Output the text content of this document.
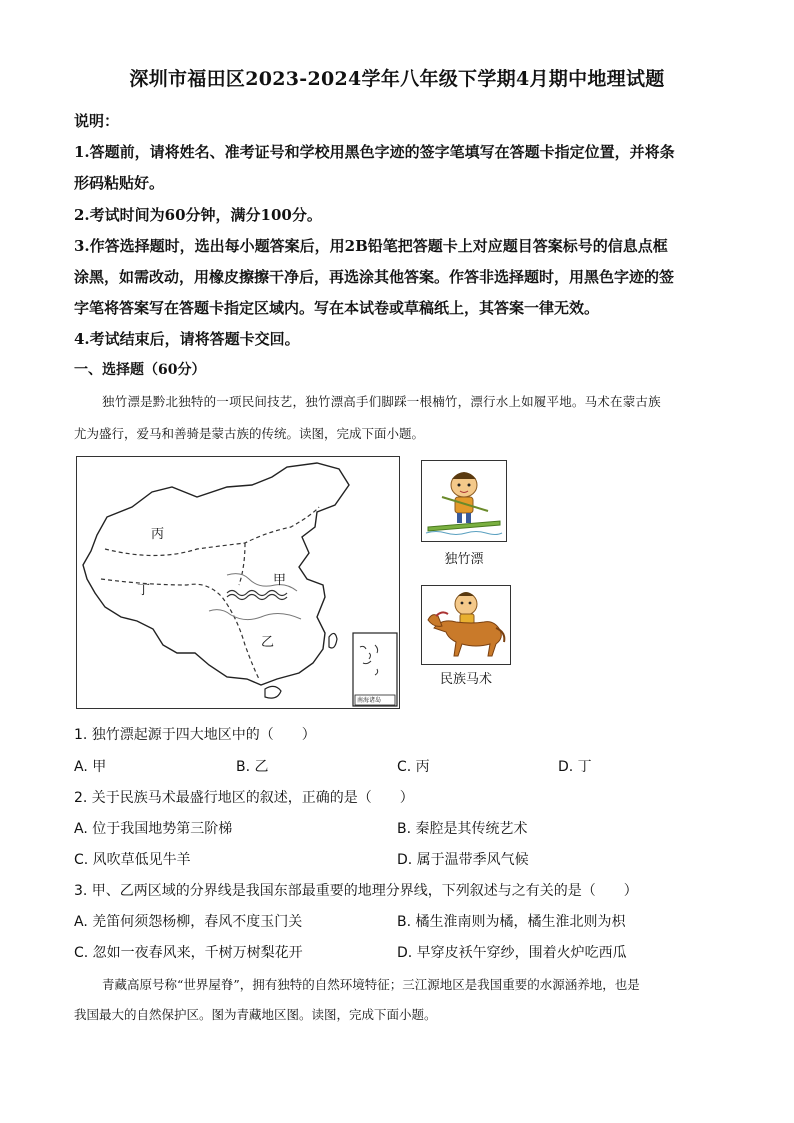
深圳市福田区2023-2024学年八年级下学期4月期中地理试题
说明：
1.答题前，请将姓名、准考证号和学校用黑色字迹的签字笔填写在答题卡指定位置，并将条
形码粘贴好。
2.考试时间为60分钟，满分100分。
3.作答选择题时，选出每小题答案后，用2B铅笔把答题卡上对应题目答案标号的信息点框
涂黑，如需改动，用橡皮擦擦干净后，再选涂其他答案。作答非选择题时，用黑色字迹的签
字笔将答案写在答题卡指定区域内。写在本试卷或草稿纸上，其答案一律无效。
4.考试结束后，请将答题卡交回。
一、选择题（60分）
独竹漂是黔北独特的一项民间技艺，独竹漂高手们脚踩一根楠竹，漂行水上如履平地。马术在蒙古族
尤为盛行，爱马和善骑是蒙古族的传统。读图，完成下面小题。
丙
丁
甲
乙
南海诸岛
独竹漂
民族马术
1. 独竹漂起源于四大地区中的（　　）
A. 甲	B. 乙	C. 丙	D. 丁
2. 关于民族马术最盛行地区的叙述，正确的是（　　）
A. 位于我国地势第三阶梯	B. 秦腔是其传统艺术
C. 风吹草低见牛羊	D. 属于温带季风气候
3. 甲、乙两区域的分界线是我国东部最重要的地理分界线，下列叙述与之有关的是（　　）
A. 羌笛何须怨杨柳，春风不度玉门关	B. 橘生淮南则为橘，橘生淮北则为枳
C. 忽如一夜春风来，千树万树梨花开	D. 早穿皮袄午穿纱，围着火炉吃西瓜
青藏高原号称“世界屋脊”，拥有独特的自然环境特征；三江源地区是我国重要的水源涵养地，也是
我国最大的自然保护区。图为青藏地区图。读图，完成下面小题。
